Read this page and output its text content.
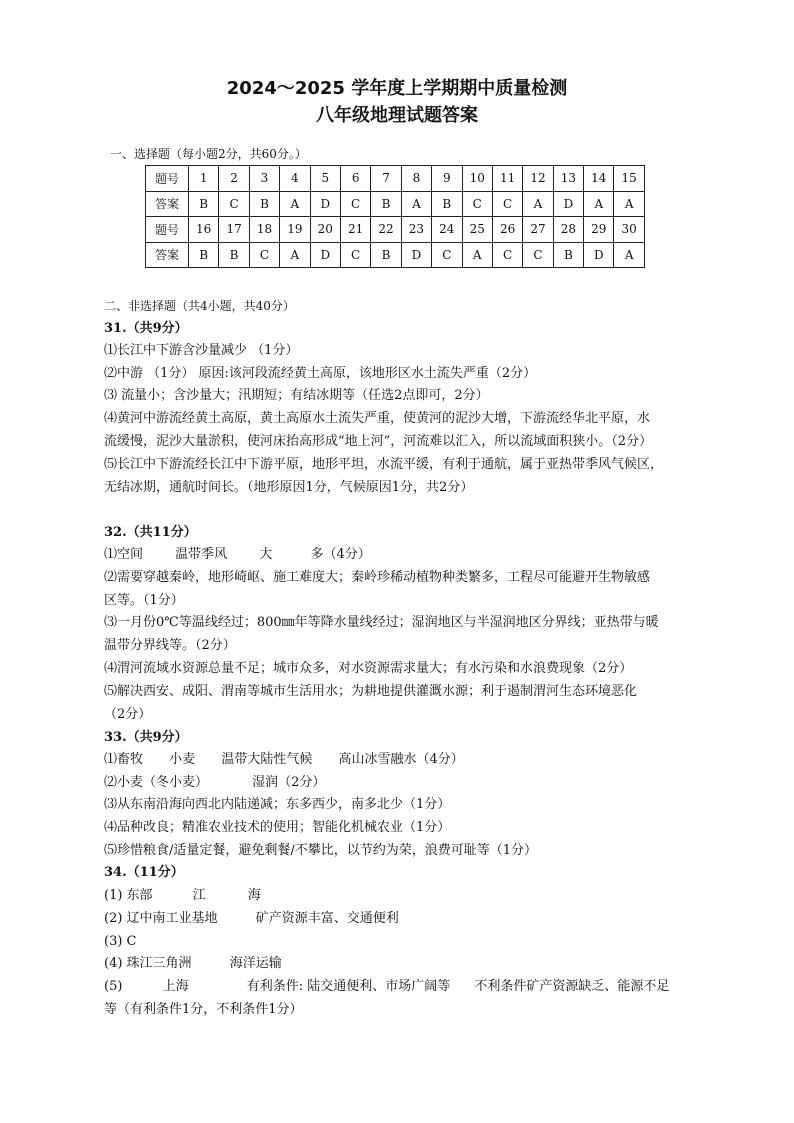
2024～2025 学年度上学期期中质量检测
八年级地理试题答案
一、选择题（每小题2分，共60分。）
题号	1	2	3	4	5	6	7	8	9	10	11	12	13	14	15
答案	B	C	B	A	D	C	B	A	B	C	C	A	D	A	A
题号	16	17	18	19	20	21	22	23	24	25	26	27	28	29	30
答案	B	B	C	A	D	C	B	D	C	A	C	C	B	D	A
二、非选择题（共4小题，共40分）
31.（共9分）
⑴长江中下游含沙量减少 （1分）
⑵中游 （1分） 原因:该河段流经黄土高原，该地形区水土流失严重（2分）
⑶ 流量小；含沙量大；汛期短；有结冰期等（任选2点即可，2分）
⑷黄河中游流经黄土高原，黄土高原水土流失严重，使黄河的泥沙大增，下游流经华北平原，水
流缓慢，泥沙大量淤积，使河床抬高形成“地上河”，河流难以汇入，所以流域面积狭小。（2分）
⑸长江中下游流经长江中下游平原，地形平坦，水流平缓，有利于通航，属于亚热带季风气候区，
无结冰期，通航时间长。（地形原因1分，气候原因1分，共2分）
32.（共11分）
⑴空间 温带季风 大	多（4分）
⑵需要穿越秦岭，地形崎岖、施工难度大；秦岭珍稀动植物种类繁多，工程尽可能避开生物敏感
区等。（1分）
⑶一月份0℃等温线经过；800㎜年等降水量线经过；湿润地区与半湿润地区分界线；亚热带与暖
温带分界线等。（2分）
⑷渭河流域水资源总量不足；城市众多，对水资源需求量大；有水污染和水浪费现象（2分）
⑸解决西安、成阳、渭南等城市生活用水；为耕地提供灌溉水源；利于遏制渭河生态环境恶化
（2分）
33.（共9分）
⑴畜牧 小麦 温带大陆性气候 高山冰雪融水（4分）
⑵小麦（冬小麦）	湿润（2分）
⑶从东南沿海向西北内陆递减；东多西少，南多北少（1分）
⑷品种改良；精准农业技术的使用；智能化机械农业（1分）
⑸珍惜粮食/适量定餐，避免剩餐/不攀比，以节约为荣，浪费可耻等（1分）
34.（11分）
(1) 东部	江	海
(2) 辽中南工业基地	矿产资源丰富、交通便利
(3) C
(4) 珠江三角洲	海洋运输
(5)	上海	有利条件: 陆交通便利、市场广阔等 不利条件矿产资源缺乏、能源不足
等（有利条件1分，不利条件1分）
